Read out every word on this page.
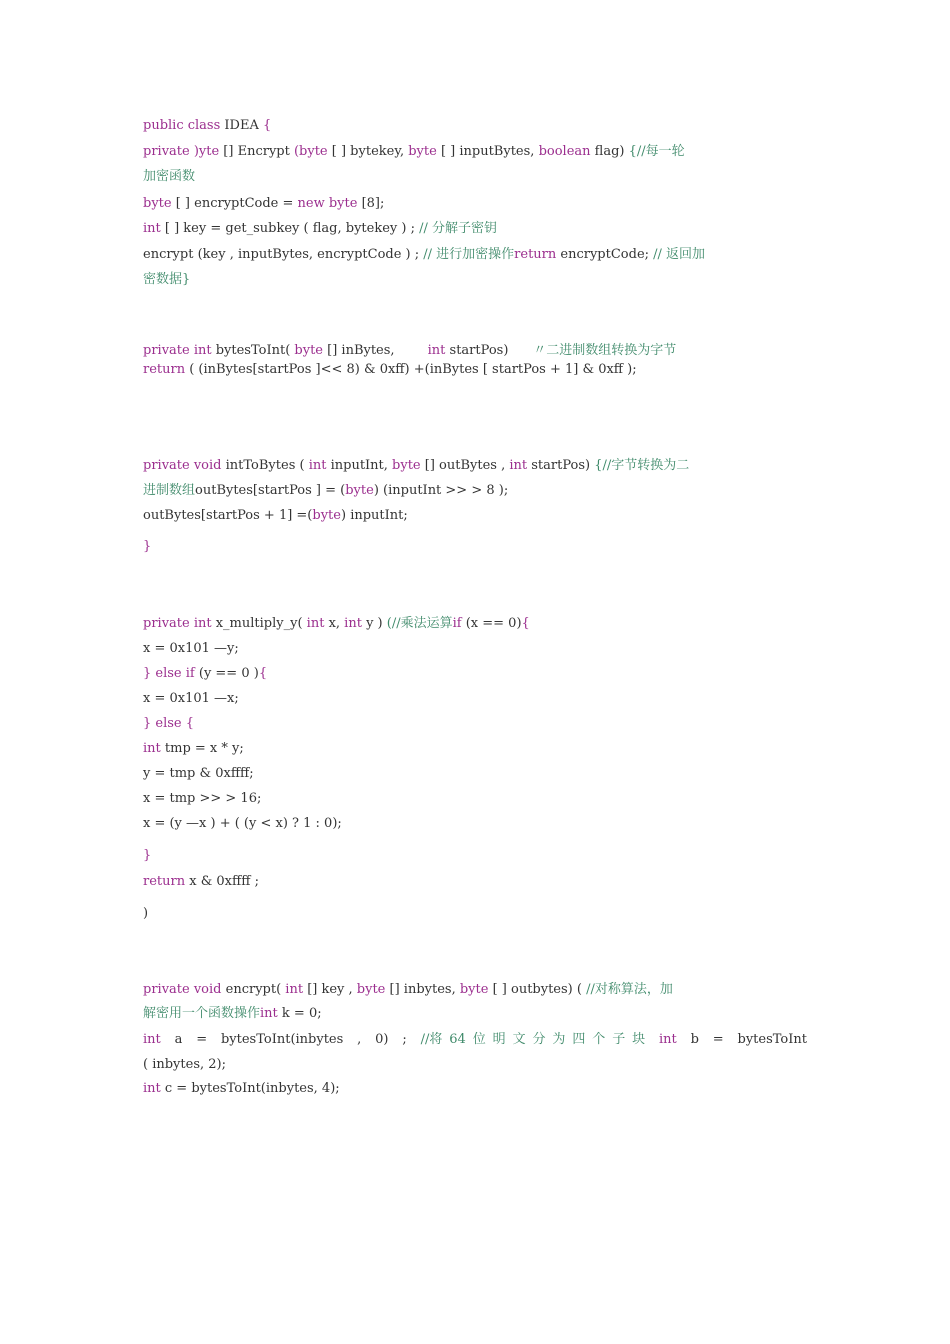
public class IDEA {
private )yte [] Encrypt (byte [ ] bytekey, byte [ ] inputBytes, boolean flag) {//每一轮
加密函数
byte [ ] encryptCode = new byte [8];
int [ ] key = get_subkey ( flag, bytekey ) ; // 分解子密钥
encrypt (key , inputBytes, encryptCode ) ; // 进行加密操作return encryptCode; // 返回加
密数据}
private int bytesToInt( byte [] inBytes,        int startPos)      〃二进制数组转换为字节
return ( (inBytes[startPos ]<< 8) & 0xff) +(inBytes [ startPos + 1] & 0xff );
private void intToBytes ( int inputInt, byte [] outBytes , int startPos) {//字节转换为二
进制数组outBytes[startPos ] = (byte) (inputInt >> > 8 );
outBytes[startPos + 1] =(byte) inputInt;
}
private int x_multiply_y( int x, int y ) (//乘法运算if (x == 0){
x = 0x101 —y;
} else if (y == 0 ){
x = 0x101 —x;
} else {
int tmp = x * y;
y = tmp & 0xffff;
x = tmp >> > 16;
x = (y —x ) + ( (y < x) ? 1 : 0);
}
return x & 0xffff ;
)
private void encrypt( int [] key , byte [] inbytes, byte [ ] outbytes) ( //对称算法，加
解密用一个函数操作int k = 0;
int  a  =  bytesToInt(inbytes  ,  0)  ;  //将 64 位 明 文 分 为 四 个 子 块 int  b  =  bytesToInt
( inbytes, 2);
int c = bytesToInt(inbytes, 4);
